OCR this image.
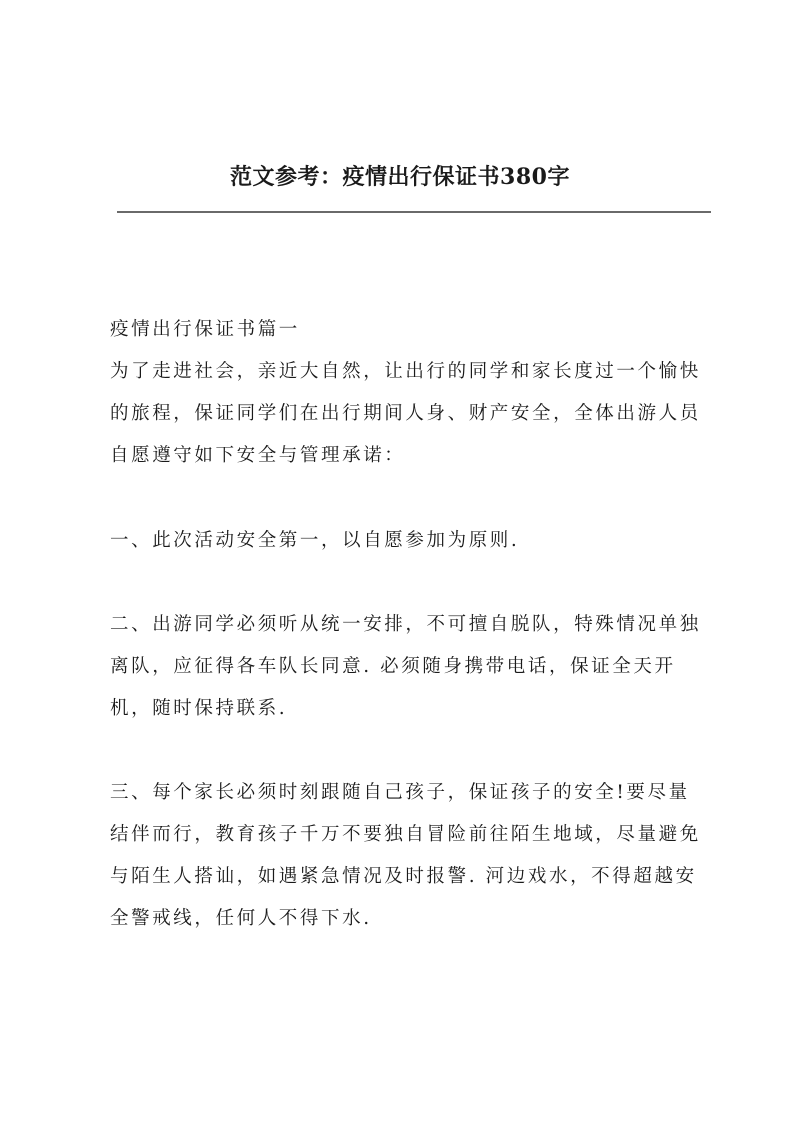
范文参考：疫情出行保证书380字

疫情出行保证书篇一

为了走进社会，亲近大自然，让出行的同学和家长度过一个愉快的旅程，保证同学们在出行期间人身、财产安全，全体出游人员自愿遵守如下安全与管理承诺：

一、此次活动安全第一，以自愿参加为原则.

二、出游同学必须听从统一安排，不可擅自脱队，特殊情况单独离队，应征得各车队长同意. 必须随身携带电话，保证全天开机，随时保持联系.

三、每个家长必须时刻跟随自己孩子，保证孩子的安全!要尽量结伴而行，教育孩子千万不要独自冒险前往陌生地域，尽量避免与陌生人搭讪，如遇紧急情况及时报警. 河边戏水，不得超越安全警戒线，任何人不得下水.
